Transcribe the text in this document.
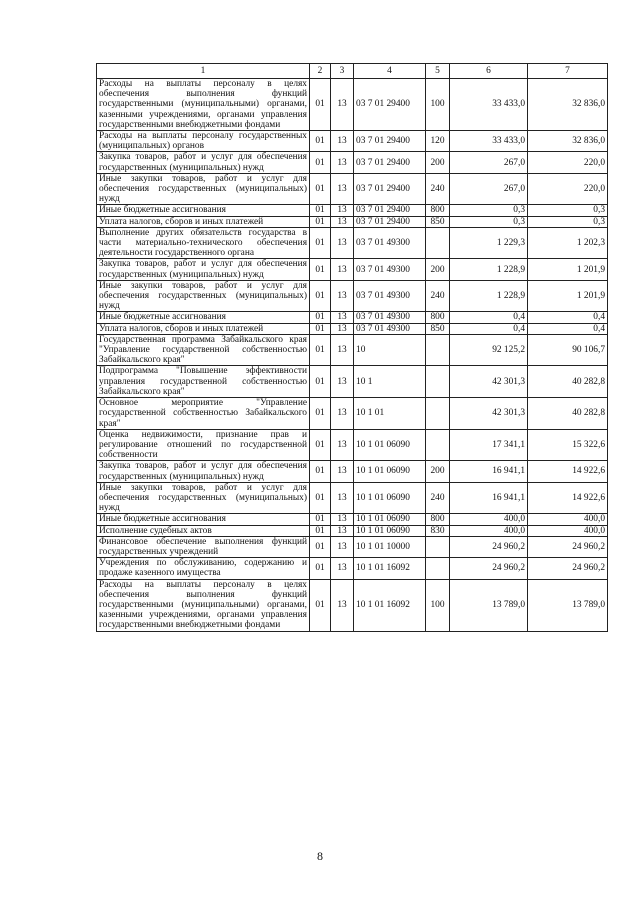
1	2	3	4	5	6	7
Расходы на выплаты персоналу в целях обеспечения выполнения функций государственными (муниципальными) органами, казенными учреждениями, органами управления государственными внебюджетными фондами	01	13	03 7 01 29400	100	33 433,0	32 836,0
Расходы на выплаты персоналу государственных (муниципальных) органов	01	13	03 7 01 29400	120	33 433,0	32 836,0
Закупка товаров, работ и услуг для обеспечения государственных (муниципальных) нужд	01	13	03 7 01 29400	200	267,0	220,0
Иные закупки товаров, работ и услуг для обеспечения государственных (муниципальных) нужд	01	13	03 7 01 29400	240	267,0	220,0
Иные бюджетные ассигнования	01	13	03 7 01 29400	800	0,3	0,3
Уплата налогов, сборов и иных платежей	01	13	03 7 01 29400	850	0,3	0,3
Выполнение других обязательств государства в части материально-технического обеспечения деятельности государственного органа	01	13	03 7 01 49300		1 229,3	1 202,3
Закупка товаров, работ и услуг для обеспечения государственных (муниципальных) нужд	01	13	03 7 01 49300	200	1 228,9	1 201,9
Иные закупки товаров, работ и услуг для обеспечения государственных (муниципальных) нужд	01	13	03 7 01 49300	240	1 228,9	1 201,9
Иные бюджетные ассигнования	01	13	03 7 01 49300	800	0,4	0,4
Уплата налогов, сборов и иных платежей	01	13	03 7 01 49300	850	0,4	0,4
Государственная программа Забайкальского края "Управление государственной собственностью Забайкальского края"	01	13	10		92 125,2	90 106,7
Подпрограмма "Повышение эффективности управления государственной собственностью Забайкальского края"	01	13	10 1		42 301,3	40 282,8
Основное мероприятие "Управление государственной собственностью Забайкальского края"	01	13	10 1 01		42 301,3	40 282,8
Оценка недвижимости, признание прав и регулирование отношений по государственной собственности	01	13	10 1 01 06090		17 341,1	15 322,6
Закупка товаров, работ и услуг для обеспечения государственных (муниципальных) нужд	01	13	10 1 01 06090	200	16 941,1	14 922,6
Иные закупки товаров, работ и услуг для обеспечения государственных (муниципальных) нужд	01	13	10 1 01 06090	240	16 941,1	14 922,6
Иные бюджетные ассигнования	01	13	10 1 01 06090	800	400,0	400,0
Исполнение судебных актов	01	13	10 1 01 06090	830	400,0	400,0
Финансовое обеспечение выполнения функций государственных учреждений	01	13	10 1 01 10000		24 960,2	24 960,2
Учреждения по обслуживанию, содержанию и продаже казенного имущества	01	13	10 1 01 16092		24 960,2	24 960,2
Расходы на выплаты персоналу в целях обеспечения выполнения функций государственными (муниципальными) органами, казенными учреждениями, органами управления государственными внебюджетными фондами	01	13	10 1 01 16092	100	13 789,0	13 789,0
8
